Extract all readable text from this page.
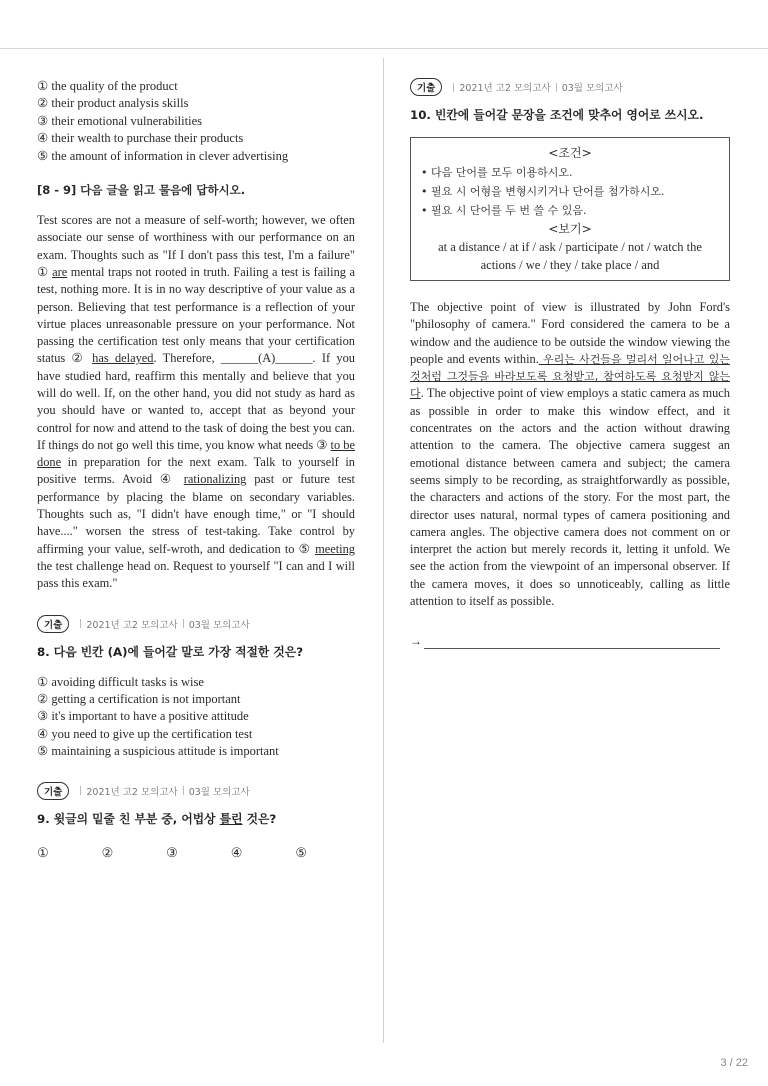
① the quality of the product
② their product analysis skills
③ their emotional vulnerabilities
④ their wealth to purchase their products
⑤ the amount of information in clever advertising
[8 - 9] 다음 글을 읽고 물음에 답하시오.
Test scores are not a measure of self-worth; however, we often associate our sense of worthiness with our performance on an exam. Thoughts such as "If I don't pass this test, I'm a failure" ① are mental traps not rooted in truth. Failing a test is failing a test, nothing more. It is in no way descriptive of your value as a person. Believing that test performance is a reflection of your virtue places unreasonable pressure on your performance. Not passing the certification test only means that your certification status ② has delayed. Therefore, ______(A)______. If you have studied hard, reaffirm this mentally and believe that you will do well. If, on the other hand, you did not study as hard as you should have or wanted to, accept that as beyond your control for now and attend to the task of doing the best you can. If things do not go well this time, you know what needs ③ to be done in preparation for the next exam. Talk to yourself in positive terms. Avoid ④ rationalizing past or future test performance by placing the blame on secondary variables. Thoughts such as, "I didn't have enough time," or "I should have...." worsen the stress of test-taking. Take control by affirming your value, self-wroth, and dedication to ⑤ meeting the test challenge head on. Request to yourself "I can and I will pass this exam."
기출	2021년 고2 모의고사 03월 모의고사
8. 다음 빈칸 (A)에 들어갈 말로 가장 적절한 것은?
① avoiding difficult tasks is wise
② getting a certification is not important
③ it's important to have a positive attitude
④ you need to give up the certification test
⑤ maintaining a suspicious attitude is important
기출	2021년 고2 모의고사 03월 모의고사
9. 윗글의 밑줄 친 부분 중, 어법상 틀린 것은?
①	②	③	④	⑤
기출	2021년 고2 모의고사 03월 모의고사
10. 빈칸에 들어갈 문장을 조건에 맞추어 영어로 쓰시오.
<조건>
• 다음 단어를 모두 이용하시오.
• 필요 시 어형을 변형시키거나 단어를 첨가하시오.
• 필요 시 단어를 두 번 쓸 수 있음.
<보기>
at a distance / at if / ask / participate / not / watch the actions / we / they / take place / and
The objective point of view is illustrated by John Ford's "philosophy of camera." Ford considered the camera to be a window and the audience to be outside the window viewing the people and events within. 우리는 사건들을 멀리서 일어나고 있는 것처럼 그것들을 바라보도록 요청받고, 참여하도록 요청받지 않는다. The objective point of view employs a static camera as much as possible in order to make this window effect, and it concentrates on the actors and the action without drawing attention to the camera. The objective camera suggest an emotional distance between camera and subject; the camera seems simply to be recording, as straightforwardly as possible, the characters and actions of the story. For the most part, the director uses natural, normal types of camera positioning and camera angles. The objective camera does not comment on or interpret the action but merely records it, letting it unfold. We see the action from the viewpoint of an impersonal observer. If the camera moves, it does so unnoticeably, calling as little attention to itself as possible.
→
3 / 22
